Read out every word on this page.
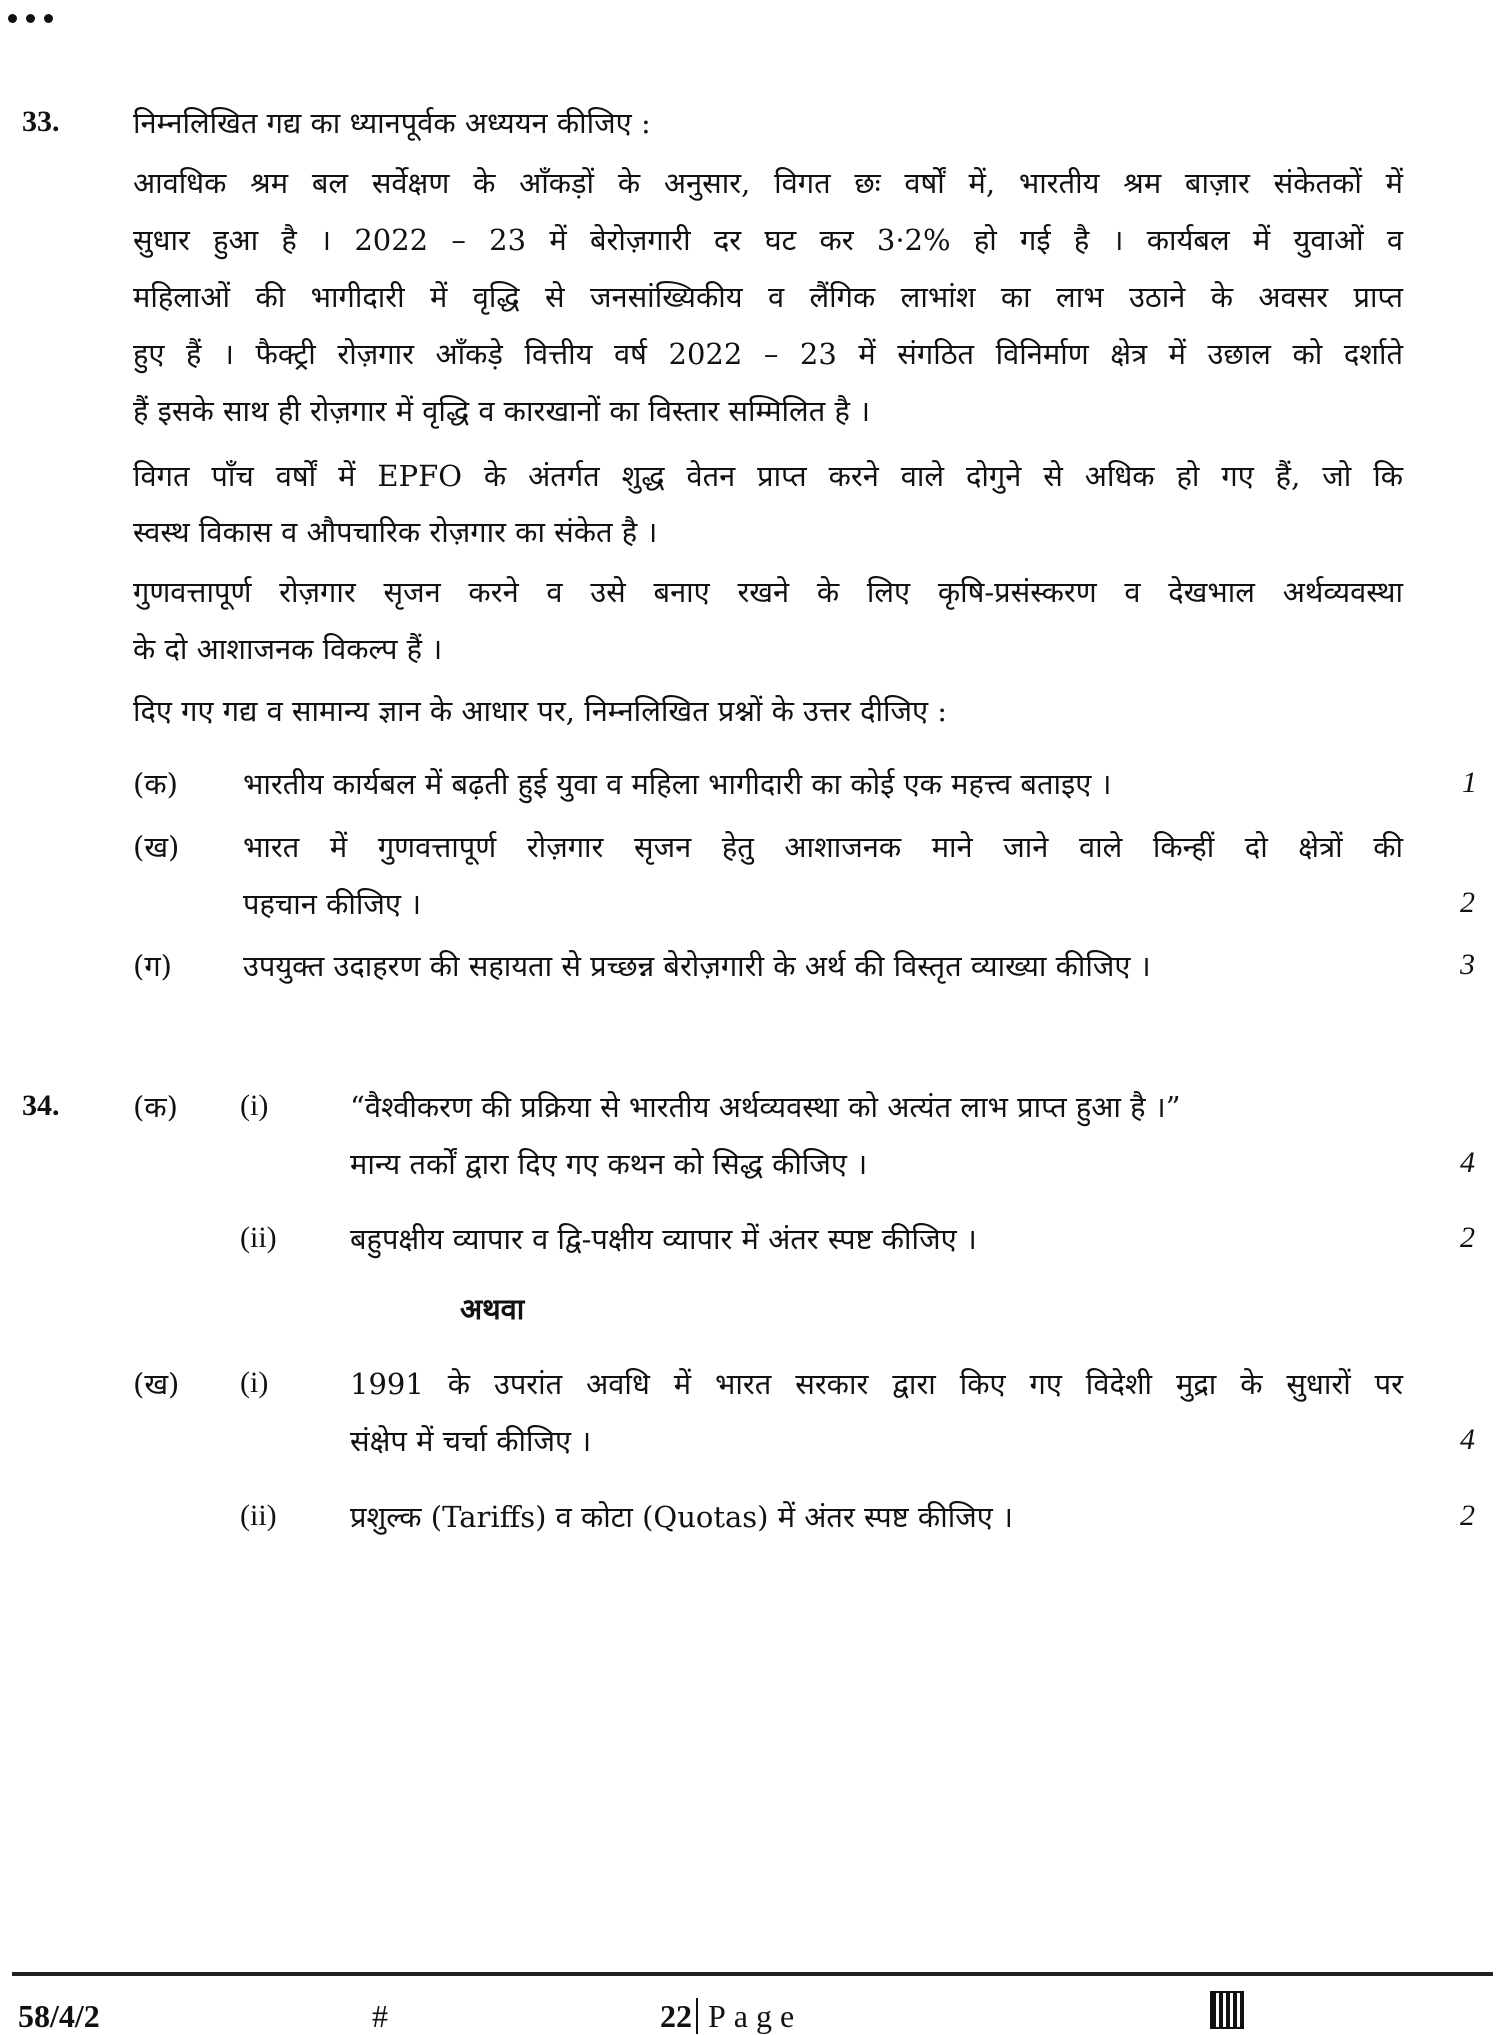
33.	निम्नलिखित गद्य का ध्यानपूर्वक अध्ययन कीजिए :
आवधिक श्रम बल सर्वेक्षण के आँकड़ों के अनुसार, विगत छः वर्षों में, भारतीय श्रम बाज़ार संकेतकों में
सुधार हुआ है । 2022 – 23 में बेरोज़गारी दर घट कर 3·2% हो गई है । कार्यबल में युवाओं व
महिलाओं की भागीदारी में वृद्धि से जनसांख्यिकीय व लैंगिक लाभांश का लाभ उठाने के अवसर प्राप्त
हुए हैं । फैक्ट्री रोज़गार आँकड़े वित्तीय वर्ष 2022 – 23 में संगठित विनिर्माण क्षेत्र में उछाल को दर्शाते
हैं इसके साथ ही रोज़गार में वृद्धि व कारखानों का विस्तार सम्मिलित है ।
विगत पाँच वर्षों में EPFO के अंतर्गत शुद्ध वेतन प्राप्त करने वाले दोगुने से अधिक हो गए हैं, जो कि
स्वस्थ विकास व औपचारिक रोज़गार का संकेत है ।
गुणवत्तापूर्ण रोज़गार सृजन करने व उसे बनाए रखने के लिए कृषि-प्रसंस्करण व देखभाल अर्थव्यवस्था
के दो आशाजनक विकल्प हैं ।
दिए गए गद्य व सामान्य ज्ञान के आधार पर, निम्नलिखित प्रश्नों के उत्तर दीजिए :
(क) भारतीय कार्यबल में बढ़ती हुई युवा व महिला भागीदारी का कोई एक महत्त्व बताइए ।	1
(ख) भारत में गुणवत्तापूर्ण रोज़गार सृजन हेतु आशाजनक माने जाने वाले किन्हीं दो क्षेत्रों की
पहचान कीजिए ।	2
(ग) उपयुक्त उदाहरण की सहायता से प्रच्छन्न बेरोज़गारी के अर्थ की विस्तृत व्याख्या कीजिए ।	3
34.	(क) (i)	“वैश्वीकरण की प्रक्रिया से भारतीय अर्थव्यवस्था को अत्यंत लाभ प्राप्त हुआ है ।”
मान्य तर्कों द्वारा दिए गए कथन को सिद्ध कीजिए ।	4
(ii)	बहुपक्षीय व्यापार व द्वि-पक्षीय व्यापार में अंतर स्पष्ट कीजिए ।	2
अथवा
(ख) (i)	1991 के उपरांत अवधि में भारत सरकार द्वारा किए गए विदेशी मुद्रा के सुधारों पर
संक्षेप में चर्चा कीजिए ।	4
(ii)	प्रशुल्क (Tariffs) व कोटा (Quotas) में अंतर स्पष्ट कीजिए ।	2
58/4/2	#	22 Page
